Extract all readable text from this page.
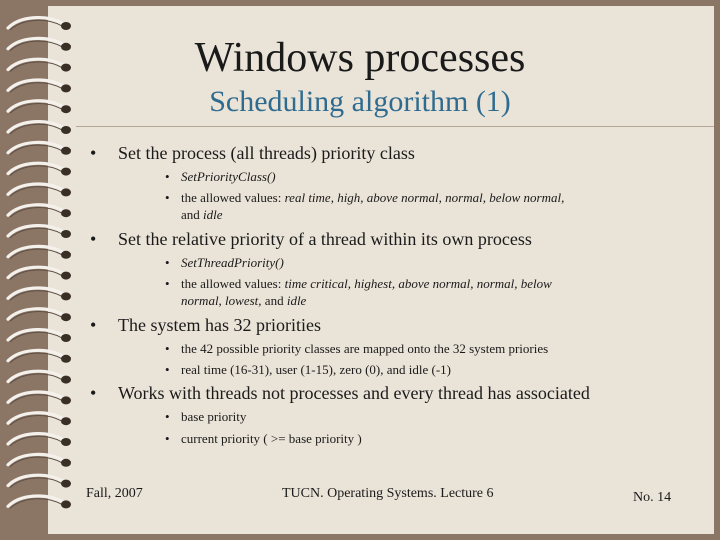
Windows processes
Scheduling algorithm (1)
• Set the process (all threads) priority class
• SetPriorityClass()
• the allowed values: real time, high, above normal, normal, below normal,
and idle
• Set the relative priority of a thread within its own process
• SetThreadPriority()
• the allowed values: time critical, highest, above normal, normal, below
normal, lowest, and idle
• The system has 32 priorities
• the 42 possible priority classes are mapped onto the 32 system priories
• real time (16-31), user (1-15), zero (0), and idle (-1)
• Works with threads not processes and every thread has associated
• base priority
• current priority ( >= base priority )
Fall, 2007	TUCN. Operating Systems. Lecture 6	No. 14
